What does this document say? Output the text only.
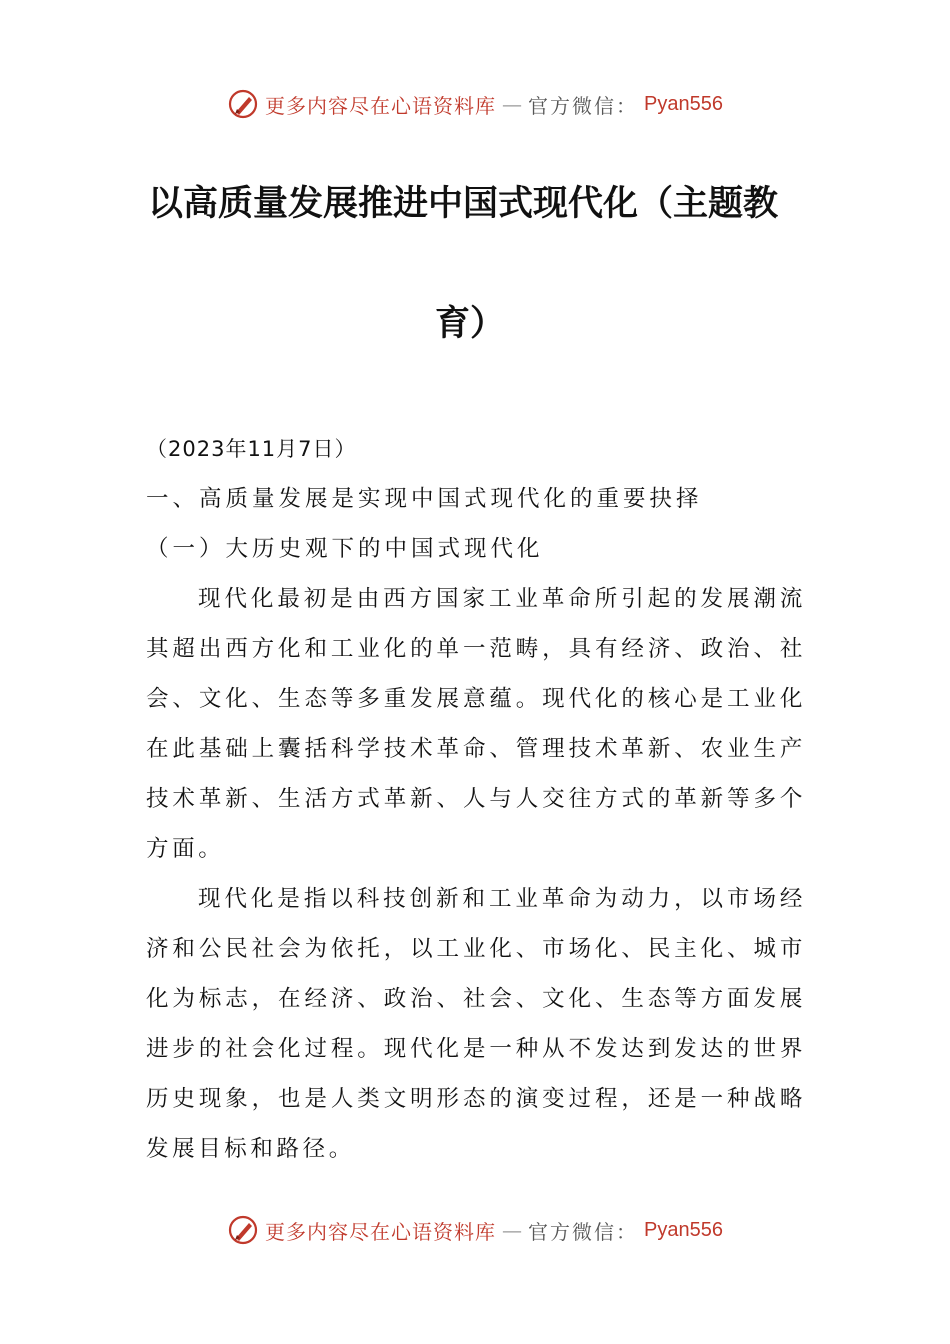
更多内容尽在心语资料库 — 官方微信： Pyan556
以高质量发展推进中国式现代化（主题教
育）

（2023年11月7日）

一、高质量发展是实现中国式现代化的重要抉择

（一）大历史观下的中国式现代化

现代化最初是由西方国家工业革命所引起的发展潮流其超出西方化和工业化的单一范畴，具有经济、政治、社会、文化、生态等多重发展意蕴。现代化的核心是工业化在此基础上囊括科学技术革命、管理技术革新、农业生产技术革新、生活方式革新、人与人交往方式的革新等多个方面。

现代化是指以科技创新和工业革命为动力，以市场经济和公民社会为依托，以工业化、市场化、民主化、城市化为标志，在经济、政治、社会、文化、生态等方面发展进步的社会化过程。现代化是一种从不发达到发达的世界历史现象，也是人类文明形态的演变过程，还是一种战略发展目标和路径。

更多内容尽在心语资料库 — 官方微信： Pyan556
